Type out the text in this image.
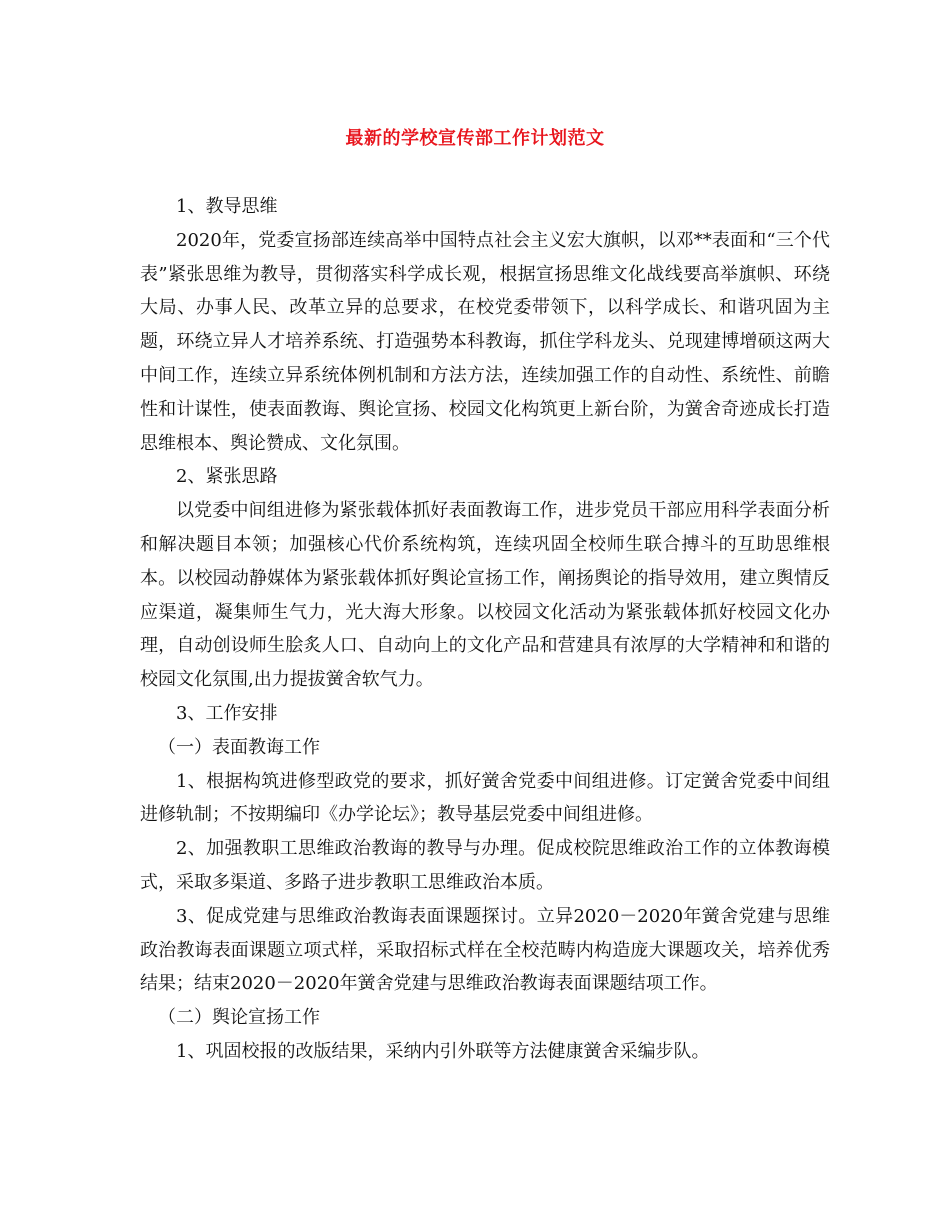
最新的学校宣传部工作计划范文

1、教导思维

2020年，党委宣扬部连续高举中国特点社会主义宏大旗帜，以邓**表面和“三个代表”紧张思维为教导，贯彻落实科学成长观，根据宣扬思维文化战线要高举旗帜、环绕大局、办事人民、改革立异的总要求，在校党委带领下，以科学成长、和谐巩固为主题，环绕立异人才培养系统、打造强势本科教诲，抓住学科龙头、兑现建博增硕这两大中间工作，连续立异系统体例机制和方法方法，连续加强工作的自动性、系统性、前瞻性和计谋性，使表面教诲、舆论宣扬、校园文化构筑更上新台阶，为黉舍奇迹成长打造思维根本、舆论赞成、文化氛围。

2、紧张思路

以党委中间组进修为紧张载体抓好表面教诲工作，进步党员干部应用科学表面分析和解决题目本领；加强核心代价系统构筑，连续巩固全校师生联合搏斗的互助思维根本。以校园动静媒体为紧张载体抓好舆论宣扬工作，阐扬舆论的指导效用，建立舆情反应渠道，凝集师生气力，光大海大形象。以校园文化活动为紧张载体抓好校园文化办理，自动创设师生脍炙人口、自动向上的文化产品和营建具有浓厚的大学精神和和谐的校园文化氛围,出力提拔黉舍软气力。

3、工作安排

（一）表面教诲工作

1、根据构筑进修型政党的要求，抓好黉舍党委中间组进修。订定黉舍党委中间组进修轨制；不按期编印《办学论坛》；教导基层党委中间组进修。

2、加强教职工思维政治教诲的教导与办理。促成校院思维政治工作的立体教诲模式，采取多渠道、多路子进步教职工思维政治本质。

3、促成党建与思维政治教诲表面课题探讨。立异2020－2020年黉舍党建与思维政治教诲表面课题立项式样，采取招标式样在全校范畴内构造庞大课题攻关，培养优秀结果；结束2020－2020年黉舍党建与思维政治教诲表面课题结项工作。

（二）舆论宣扬工作

1、巩固校报的改版结果，采纳内引外联等方法健康黉舍采编步队。
